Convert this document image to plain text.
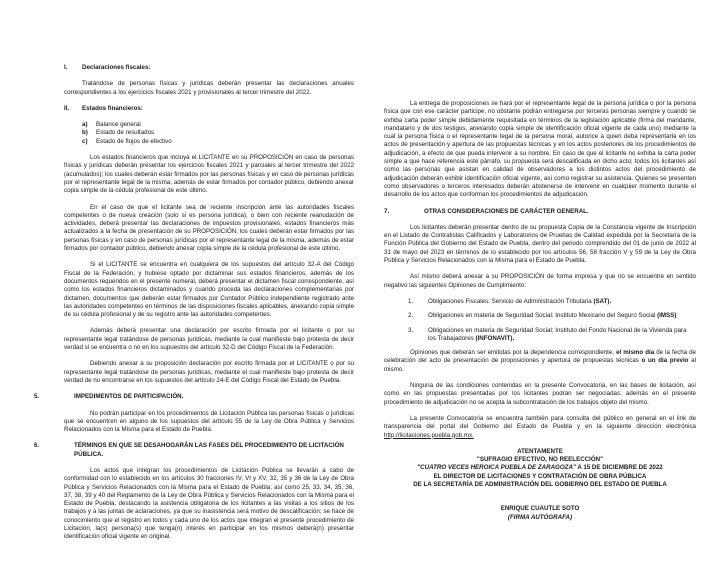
I.	Declaraciones fiscales:

Tratándose de personas físicas y jurídicas deberán presentar las declaraciones anuales correspondientes a los ejercicios fiscales 2021 y provisionales al tercer trimestre del 2022.

II.	Estados financieros:
a)	Balance general
b)	Estado de resultados
c)	Estado de flujos de efectivo

Los estados financieros que incluya el LICITANTE en su PROPOSICIÓN en caso de personas físicas y jurídicas deberán presentar los ejercicios fiscales 2021 y parciales al tercer trimestre del 2022 (acumulados); los cuales deberán estar firmados por las personas físicas y en caso de personas jurídicas por el representante legal de la misma, además de estar firmados por contador público, debiendo anexar copia simple de la cédula profesional de este último.

En el caso de que el licitante sea de reciente inscripción ante las autoridades fiscales competentes o de nueva creación (solo si es persona jurídica), o bien con reciente reanudación de actividades, deberá presentar las declaraciones de impuestos provisionales, estados financieros más actualizados a la fecha de presentación de su PROPOSICIÓN; los cuales deberán estar firmados por las personas físicas y en caso de personas jurídicas por el representante legal de la misma, además de estar firmados por contador público, debiendo anexar copia simple de la cédula profesional de este último.

Si el LICITANTE se encuentra en cualquiera de los supuestos del artículo 32-A del Código Fiscal de la Federación, y hubiese optado por dictaminar sus estados financieros, además de los documentos requeridos en el presente numeral, deberá presentar el dictamen fiscal correspondiente, así como los estados financieros dictaminados y cuando proceda las declaraciones complementarias por dictamen, documentos que deberán estar firmados por Contador Público independiente registrado ante las autoridades competentes en términos de las disposiciones fiscales aplicables, anexando copia simple de su cédula profesional y de su registro ante las autoridades competentes.

Además deberá presentar una declaración por escrito firmada por el licitante o por su representante legal tratándose de personas jurídicas, mediante la cual manifieste bajo protesta de decir verdad si se encuentra o no en los supuestos del artículo 32-D del Código Fiscal de la Federación.

Debiendo anexar a su proposición declaración por escrito firmada por el LICITANTE o por su representante legal tratándose de personas jurídicas, mediante el cual manifieste bajo protesta de decir verdad de no encontrarse en los supuestos del artículo 24-E del Código Fiscal del Estado de Puebla.

5.	IMPEDIMENTOS DE PARTICIPACIÓN.

No podrán participar en los procedimientos de Licitación Pública las personas físicas o jurídicas que se encuentren en alguno de los supuestos del artículo 55 de la Ley de Obra Pública y Servicios Relacionados con la Misma para el Estado de Puebla.

6.	TÉRMINOS EN QUE SE DESAHOGARÁN LAS FASES DEL PROCEDIMIENTO DE LICITACIÓN PÚBLICA.

Los actos que integran los procedimientos de Licitación Pública se llevarán a cabo de conformidad con lo establecido en los artículos 30 fracciones IV, VI y XV, 32, 35 y 36 de la Ley de Obra Pública y Servicios Relacionados con la Misma para el Estado de Puebla; así como 25, 33, 34, 35, 36, 37, 38, 39 y 40 del Reglamento de la Ley de Obra Pública y Servicios Relacionados con la Misma para el Estado de Puebla, destacando la asistencia obligatoria de los licitantes a las visitas a los sitios de los trabajos y a las juntas de aclaraciones, ya que su inasistencia será motivo de descalificación; se hace de conocimiento que el registro en todos y cada uno de los actos que integran el presente procedimiento de Licitación, la(s) persona(s) que tenga(n) interés en participar en los mismos deberá(n) presentar identificación oficial vigente en original.

La entrega de proposiciones se hará por el representante legal de la persona jurídica o por la persona física que con ese carácter participe, no obstante podrán entregarse por terceras personas siempre y cuando se exhiba carta poder simple debidamente requisitada en términos de la legislación aplicable (firma del mandante, mandatario y de dos testigos, anexando copia simple de identificación oficial vigente de cada uno) mediante la cual la persona física o el representante legal de la persona moral, autorice a quien deba representarla en los actos de presentación y apertura de las propuestas técnicas y en los actos posteriores de los procedimientos de adjudicación, a efecto de que pueda intervenir a su nombre. En caso de que el licitante no exhiba la carta poder simple a que hace referencia este párrafo, su propuesta será descalificada en dicho acto; todos los licitantes así como las personas que asistan en calidad de observadores a los distintos actos del procedimiento de adjudicación deberán exhibir identificación oficial vigente, así como registrar su asistencia. Quienes se presenten como observadores o terceros interesados deberán abstenerse de intervenir en cualquier momento durante el desarrollo de los actos que conforman los procedimientos de adjudicación.

7.	OTRAS CONSIDERACIONES DE CARÁCTER GENERAL.

Los licitantes deberán presentar dentro de su propuesta Copia de la Constancia vigente de Inscripción en el Listado de Contratistas Calificados y Laboratorios de Pruebas de Calidad expedida por la Secretaría de la Función Pública del Gobierno del Estado de Puebla, dentro del periodo comprendido del 01 de junio de 2022 al 31 de mayo del 2023 en términos de lo establecido por los artículos 56, 58 fracción V y 59 de la Ley de Obra Pública y Servicios Relacionados con la Misma para el Estado de Puebla.

Así mismo deberá anexar a su PROPOSICIÓN de forma impresa y que no se encuentre en sentido negativo las siguientes Opiniones de Cumplimiento:

1.	Obligaciones Fiscales: Servicio de Administración Tributaria (SAT).
2.	Obligaciones en materia de Seguridad Social: Instituto Mexicano del Seguro Social (IMSS)
3.	Obligaciones en materia de Seguridad Social: Instituto del Fondo Nacional de la Vivienda para los Trabajadores (INFONAVIT).

Opiniones que deberán ser emitidas por la dependencia correspondiente, el mismo día de la fecha de celebración del acto de presentación de proposiciones y apertura de propuestas técnicas o un día previo al mismo.

Ninguna de las condiciones contenidas en la presente Convocatoria, en las bases de licitación, así como en las propuestas presentadas por los licitantes podrán ser negociadas; además en el presente procedimiento de adjudicación no se acepta la subcontratación de los trabajos objeto del mismo.

La presente Convocatoria se encuentra también para consulta del público en general en el link de transparencia del portal del Gobierno del Estado de Puebla y en la siguiente dirección electrónica http://licitaciones.puebla.gob.mx.

ATENTAMENTE
"SUFRAGIO EFECTIVO, NO REELECCIÓN"
"CUATRO VECES HEROICA PUEBLA DE ZARAGOZA" A 15 DE DICIEMBRE DE 2022
EL DIRECTOR DE LICITACIONES Y CONTRATACIÓN DE OBRA PÚBLICA
DE LA SECRETARÍA DE ADMINISTRACIÓN DEL GOBIERNO DEL ESTADO DE PUEBLA
ENRIQUE CUAUTLE SOTO
(FIRMA AUTÓGRAFA)
